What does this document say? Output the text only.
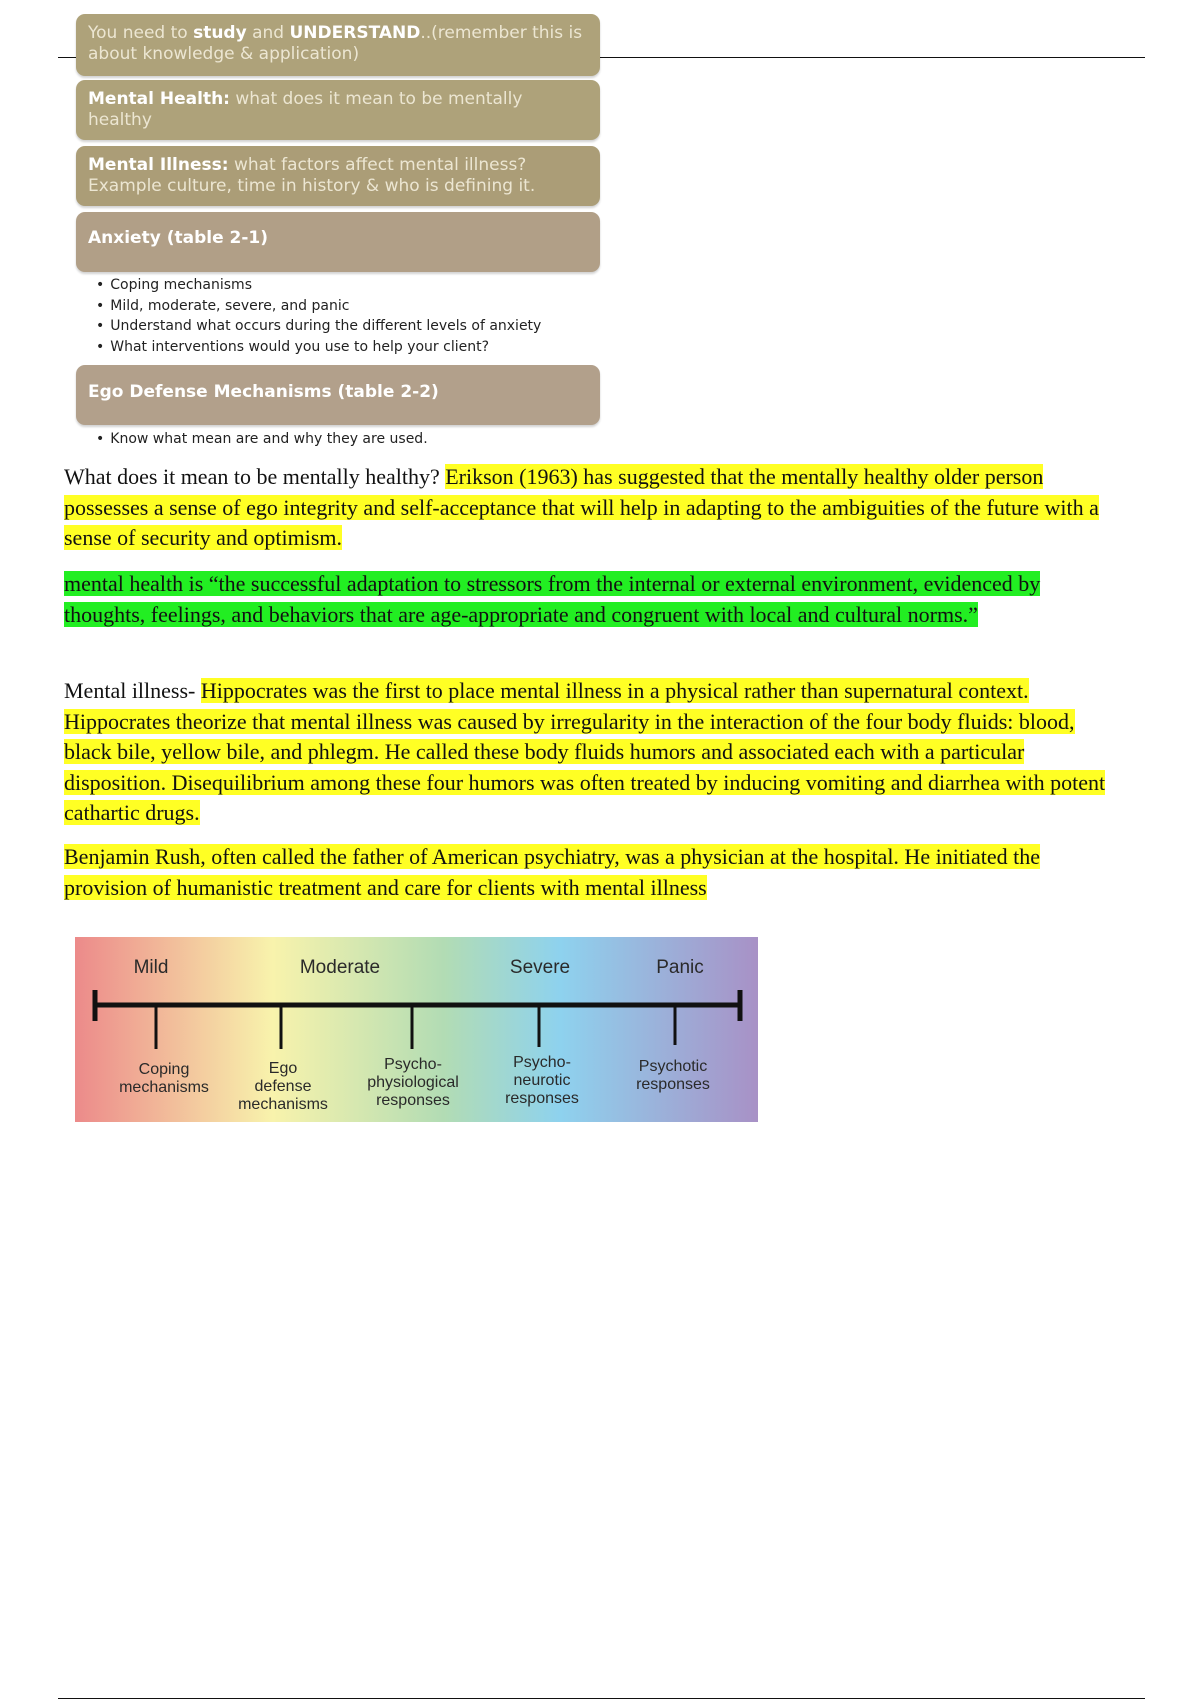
You need to study and UNDERSTAND..(remember this is about knowledge & application)
Mental Health: what does it mean to be mentally healthy
Mental Illness: what factors affect mental illness? Example culture, time in history & who is defining it.
Anxiety (table 2-1)
• Coping mechanisms
• Mild, moderate, severe, and panic
• Understand what occurs during the different levels of anxiety
• What interventions would you use to help your client?
Ego Defense Mechanisms (table 2-2)
• Know what mean are and why they are used.
What does it mean to be mentally healthy? Erikson (1963) has suggested that the mentally healthy older person possesses a sense of ego integrity and self-acceptance that will help in adapting to the ambiguities of the future with a sense of security and optimism.
mental health is “the successful adaptation to stressors from the internal or external environment, evidenced by thoughts, feelings, and behaviors that are age-appropriate and congruent with local and cultural norms.”
Mental illness- Hippocrates was the first to place mental illness in a physical rather than supernatural context. Hippocrates theorize that mental illness was caused by irregularity in the interaction of the four body fluids: blood, black bile, yellow bile, and phlegm. He called these body fluids humors and associated each with a particular disposition. Disequilibrium among these four humors was often treated by inducing vomiting and diarrhea with potent cathartic drugs.
Benjamin Rush, often called the father of American psychiatry, was a physician at the hospital. He initiated the provision of humanistic treatment and care for clients with mental illness
Mild	Moderate	Severe	Panic
Coping
mechanisms
Ego
defense
mechanisms
Psycho-
physiological
responses
Psycho-
neurotic
responses
Psychotic
responses
